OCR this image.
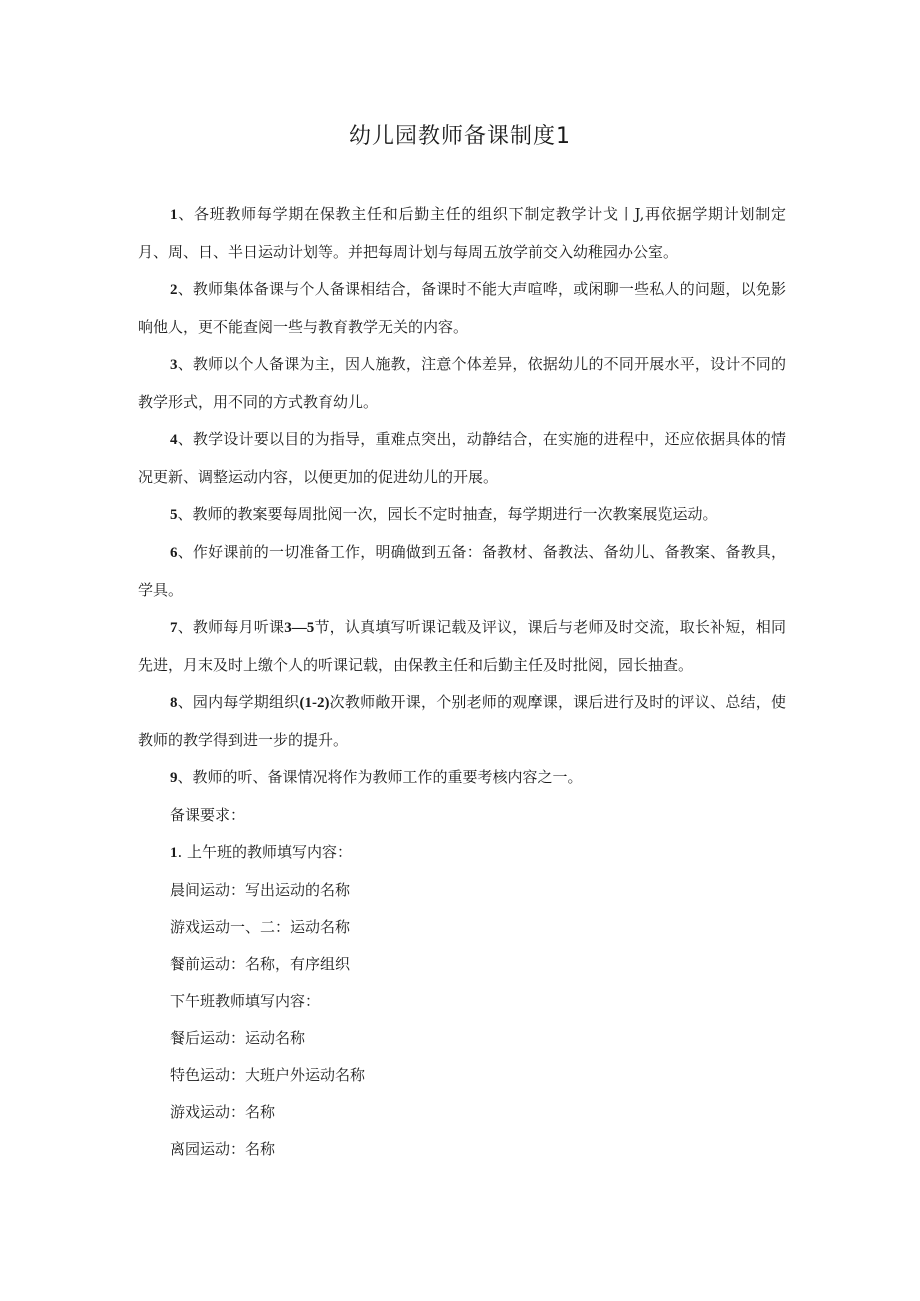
幼儿园教师备课制度1

1、各班教师每学期在保教主任和后勤主任的组织下制定教学计戈丨J,再依据学期计划制定月、周、日、半日运动计划等。并把每周计划与每周五放学前交入幼稚园办公室。

2、教师集体备课与个人备课相结合，备课时不能大声喧哗，或闲聊一些私人的问题，以免影响他人，更不能查阅一些与教育教学无关的内容。

3、教师以个人备课为主，因人施教，注意个体差异，依据幼儿的不同开展水平，设计不同的教学形式，用不同的方式教育幼儿。

4、教学设计要以目的为指导，重难点突出，动静结合，在实施的进程中，还应依据具体的情况更新、调整运动内容，以便更加的促进幼儿的开展。

5、教师的教案要每周批阅一次，园长不定时抽查，每学期进行一次教案展览运动。

6、作好课前的一切准备工作，明确做到五备：备教材、备教法、备幼儿、备教案、备教具，学具。

7、教师每月听课3—5节，认真填写听课记载及评议，课后与老师及时交流，取长补短，相同先进，月末及时上缴个人的听课记载，由保教主任和后勤主任及时批阅，园长抽查。

8、园内每学期组织(1-2)次教师敞开课，个别老师的观摩课，课后进行及时的评议、总结，使教师的教学得到进一步的提升。

9、教师的听、备课情况将作为教师工作的重要考核内容之一。

备课要求：

1. 上午班的教师填写内容：

晨间运动：写出运动的名称

游戏运动一、二：运动名称

餐前运动：名称，有序组织

下午班教师填写内容：

餐后运动：运动名称

特色运动：大班户外运动名称

游戏运动：名称

离园运动：名称
